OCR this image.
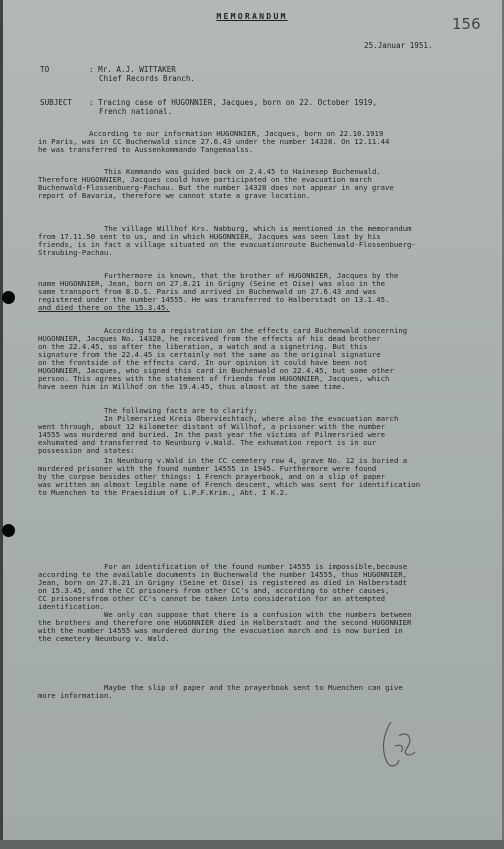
MEMORANDUM	156
25.Januar 1951.
TO	: Mr. A.J. WITTAKER
Chief Records Branch.
SUBJECT : Tracing case of HUGONNIER, Jacques, born on 22. October 1919,
French national.
According to our information HUGONNIER, Jacques, born on 22.10.1919
in Paris, was in CC Buchenwald since 27.6.43 under the number 14328. On 12.11.44
he was transferred to Aussenkommando Tangemaalss.
This Kommando was guided back on 2.4.45 to Hainesep Buchenwald.
Therefore HUGONNIER, Jacques could have participated on the evacuation march
Buchenwald-Flossenbuerg-Pachau. But the number 14328 does not appear in any grave
report of Bavaria, therefore we cannot state a grave location.
The village Willhof Krs. Nabburg, which is mentioned in the memorandum
from 17.11.50 sent to us, and in which HUGONNIER, Jacques was seen last by his
friends, is in fact a village situated on the evacuationroute Buchenwald-Flossenbuerg-
Straubing-Pachau.
Furthermore is known, that the brother of HUGONNIER, Jacques by the
name HUGONNIER, Jean, born on 27.8.21 in Grigny (Seine et Oise) was also in the
same transport from B.D.S. Paris and arrived in Buchenwald on 27.6.43 and was
registered under the number 14555. He was transferred to Halberstadt on 13.1.45.
and died there on the 15.3.45.
According to a registration on the effects card Buchenwald concerning
HUGONNIER, Jacques No. 14328, he received from the effects of his dead brother
on the 22.4.45, so after the liberation, a watch and a signetring. But this
signature from the 22.4.45 is certainly not the same as the original signature
on the frontside of the effects card. In our opinion it could have been not
HUGONNIER, Jacques, who signed this card in Buchenwald on 22.4.45, but some other
person. This agrees with the statement of friends from HUGONNIER, Jacques, which
have seen him in Willhof on the 19.4.45, thus almost at the same time.
The following facts are to clarify:
In Pilmersried Kreis Oberviechtach, where also the evacuation march
went through, about 12 kilometer distant of Willhof, a prisoner with the number
14555 was murdered and buried. In the past year the victims of Pilmersried were
exhumated and transferred to Neunburg v.Wald. The exhumation report is in our
possession and states:
In Neunburg v.Wald in the CC cemetery row 4, grave No. 12 is buried a
murdered prisoner with the found number 14555 in 1945. Furthermore were found
by the corpse besides other things: 1 French prayerbook, and on a slip of paper
was written an almost legible name of French descent, which was sent for identification
to Muenchen to the Praesidium of L.P.F.Krim., Abt. I K.2.
For an identification of the found number 14555 is impossible,because
according to the available documents in Buchenwald the number 14555, thus HUGONNIER,
Jean, born on 27.8.21 in Grigny (Seine et Oise) is registered as died in Halberstadt
on 15.3.45, and the CC prisoners from other CC's and, according to other causes,
CC prisonersfrom other CC's cannot be taken into consideration for an attempted
identification.
We only can suppose that there is a confusion with the numbers between
the brothers and therefore one HUGONNIER died in Halberstadt and the second HUGONNIER
with the number 14555 was murdered during the evacuation march and is now buried in
the cemetery Neunburg v. Wald.
Maybe the slip of paper and the prayerbook sent to Muenchen can give
more information.
